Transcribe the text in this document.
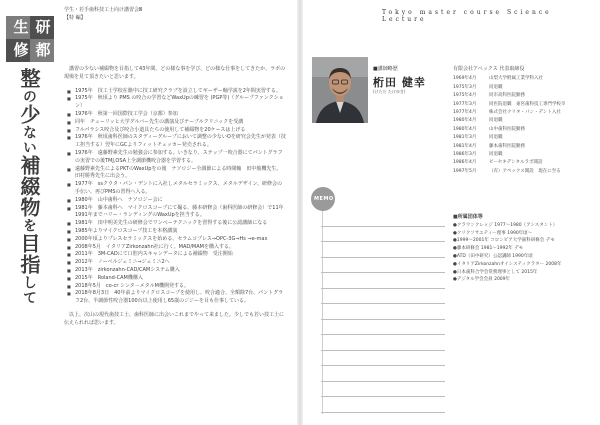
研
生
都
修
学生・若手歯科技工士向け講習会Ⅲ
【特 編】
整の少ない補綴物を目指して

講習の少ない補綴物を目指して43年間、どの様な事を学び、どの様な仕事をしてきたか、ラボの現場を見て頂きたいと思います。

■ 1975年　技工士学校在籍中に技工研究クラブを設立してギーザー軸学説を2年間実習する。
■ 1975年　秋頃より PMS の咬合の学習などWaxUpの練習を (PGP等)（グループファンクション）
■ 1976年　秋第一回国際技工学会（京都）参加
■ 同年　チューリッヒ大学グルバー先生の講演及びテーブルクリニックを受講
■ フルパラシス咬合及び咬合小道具たちの使用して補綴物を20ケースは上げる
■ 1976年　秋頃歯科医師のスタディーグループにおいて調整の少ないOを研究会先生が発表（技工担当する）翌年にGCよりフィットチェッカー発売される。
■ 1976年　遠藤野素先生の勉強会に参加する。いきなり、ステップ一咬合器にてパントグラフの実習での後TMJ,OSA上全調節機咬合器を学習する。
■ 遠藤野素先生によるPKTのWaxUpをの後　ナソロジー全調節による時間軸　田中舶機先生、田村勝秀先生に出会う。
■ 1977年　ssクウタ・パン・デントに入社しメタルセラミックス、メタルデザイン、研修会の手伝い、再びPMSの習得へ入る。
■ 1980年　山中歯科へ　ナソロジー会に
■ 1981年　藤本歯科へ　マイクロスコープにて撮る、藤本研修会（歯科医師の研修会）で11年1991年までハリー・ランディングのWaxUpを担当する。
■ 1981年　田中明美先生の研修会でワンベーテクニックを習得する後に公認講師になる
■ 1985年よりマイクロスコープ技工を本格講演
■ 2000年頃よりプレスセラミックスを始める、セラムコプレス⇒OPC-3G⇒Hs ⇒e-max
■ 2008年5月　イタリアZirkonzahn社に行く。MAD/MAMを購入する。
■ 2011年　3M-CADにて口腔内スキャンデータによる補綴物　受注開始
■ 2012年　ノーベルジェミニ⇒ジェミニ2へ
■ 2013年　zirkonzahn-CAD/CAMシステム購入
■ 2015年　Roland-CAM機購入
■ 2018年5月　co-cr シンタ－メタルM機開発する。
■ 2018年8月3日　40年前よりマイクロスコープを使用し、咬合適合、全額除7台、パントグラフ2台、半調節性咬合器100台以上使用し65歳のジジーを目も仕事している。

以上、次山の現代歯技工士、歯科医師に出会いこれまでやって来ました。少しでも若い技工士に伝えられれば思います。

Tokyo master course Science Lecture
■講師略歴
桁田 健幸
(けただ たけゆき)
有限会社アペックス 代表取締役
1969年4月	山梨大学附属工業学科入社
1975年3月	同退職
1975年4月	同市高科医院勤務
1977年3月	同医院退職　東宮歯科技工専門学校卒
1977年4月	株式会社クリタ・パン・デント入社
1980年4月	同退職
1980年4月	山中歯科医院勤務
1981年3月	同退職
1981年4月	藤本歯科医院勤務
1986年3月	同退職
1986年4月	ビーセキデンタルラボ開設
1997年5月	（有）アペックス開設　現在に至る
■所属団体等
●クラウンクレッジ 1977〜1980（アシスタント）
●クリクソサエティー理事 1990年頃〜
●1999〜2001年 コロンビア大学歯科研修会 デモ
●藤本研修会 1981〜1992年 デモ
●ATD（田中研究）公認講師 1990年頃
●イタリアZirkonzahnオイシスティクラター 2008年
●日本歯科合学会常務理事として 2015年
●デジタル学会会員 2009年
MEMO
